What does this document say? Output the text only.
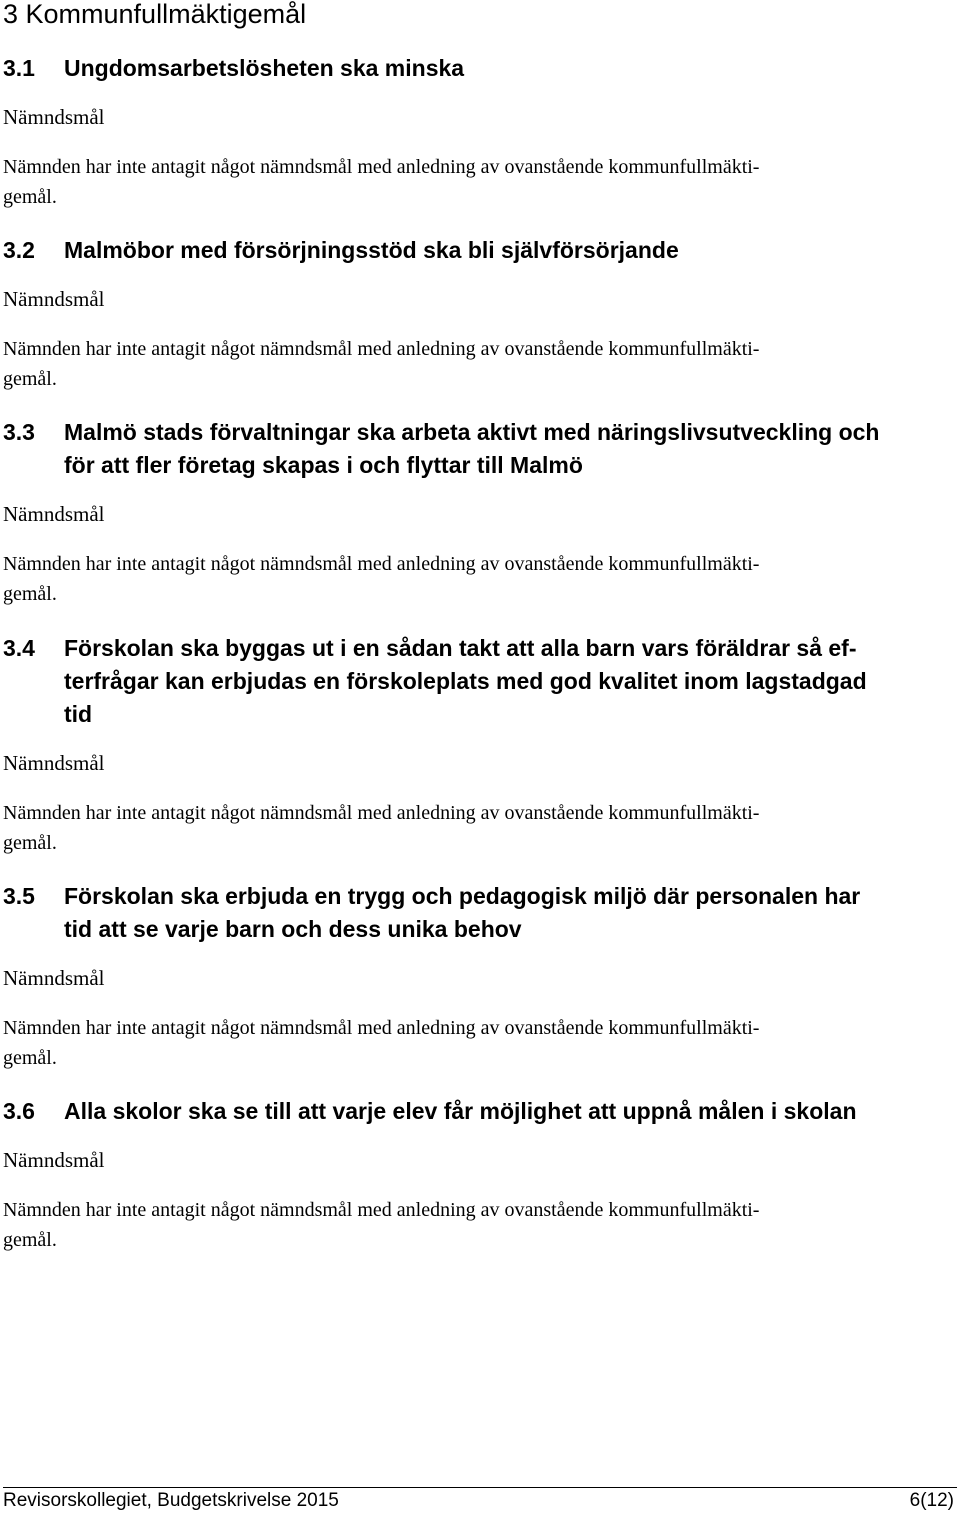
3 Kommunfullmäktigemål
3.1	Ungdomsarbetslösheten ska minska

Nämndsmål

Nämnden har inte antagit något nämndsmål med anledning av ovanstående kommunfullmäkti-
gemål.

3.2	Malmöbor med försörjningsstöd ska bli självförsörjande

Nämndsmål

Nämnden har inte antagit något nämndsmål med anledning av ovanstående kommunfullmäkti-
gemål.

3.3	Malmö stads förvaltningar ska arbeta aktivt med näringslivsutveckling och
för att fler företag skapas i och flyttar till Malmö

Nämndsmål

Nämnden har inte antagit något nämndsmål med anledning av ovanstående kommunfullmäkti-
gemål.

3.4	Förskolan ska byggas ut i en sådan takt att alla barn vars föräldrar så ef-
terfrågar kan erbjudas en förskoleplats med god kvalitet inom lagstadgad
tid

Nämndsmål

Nämnden har inte antagit något nämndsmål med anledning av ovanstående kommunfullmäkti-
gemål.

3.5	Förskolan ska erbjuda en trygg och pedagogisk miljö där personalen har
tid att se varje barn och dess unika behov

Nämndsmål

Nämnden har inte antagit något nämndsmål med anledning av ovanstående kommunfullmäkti-
gemål.

3.6	Alla skolor ska se till att varje elev får möjlighet att uppnå målen i skolan

Nämndsmål

Nämnden har inte antagit något nämndsmål med anledning av ovanstående kommunfullmäkti-
gemål.

Revisorskollegiet, Budgetskrivelse 2015	6(12)
